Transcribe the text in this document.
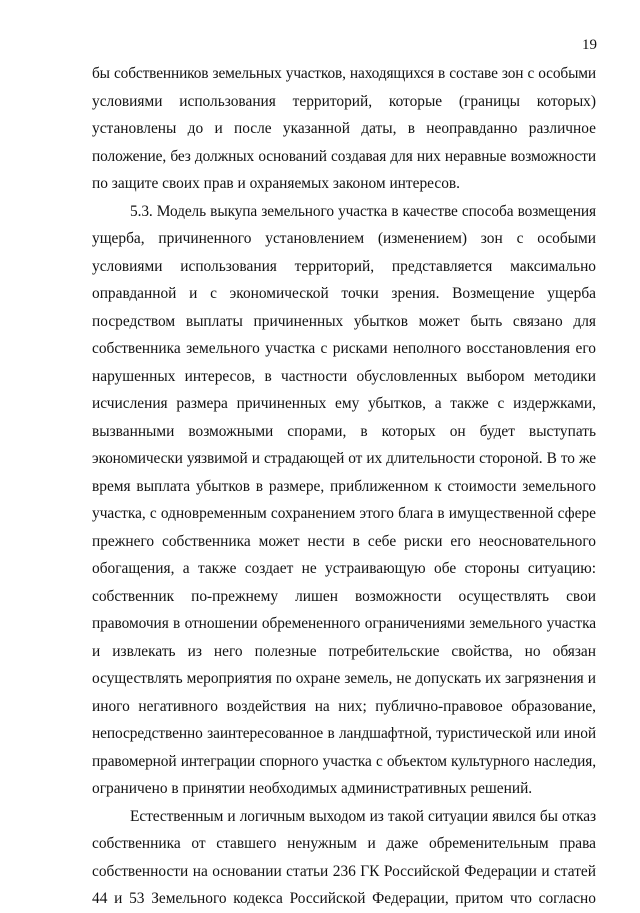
19
бы собственников земельных участков, находящихся в составе зон с особыми
условиями использования территорий, которые (границы которых)
установлены до и после указанной даты, в неоправданно различное
положение, без должных оснований создавая для них неравные возможности
по защите своих прав и охраняемых законом интересов.
5.3. Модель выкупа земельного участка в качестве способа возмещения
ущерба, причиненного установлением (изменением) зон с особыми
условиями использования территорий, представляется максимально
оправданной и с экономической точки зрения. Возмещение ущерба
посредством выплаты причиненных убытков может быть связано для
собственника земельного участка с рисками неполного восстановления его
нарушенных интересов, в частности обусловленных выбором методики
исчисления размера причиненных ему убытков, а также с издержками,
вызванными возможными спорами, в которых он будет выступать
экономически уязвимой и страдающей от их длительности стороной. В то же
время выплата убытков в размере, приближенном к стоимости земельного
участка, с одновременным сохранением этого блага в имущественной сфере
прежнего собственника может нести в себе риски его неосновательного
обогащения, а также создает не устраивающую обе стороны ситуацию:
собственник по-прежнему лишен возможности осуществлять свои
правомочия в отношении обремененного ограничениями земельного участка
и извлекать из него полезные потребительские свойства, но обязан
осуществлять мероприятия по охране земель, не допускать их загрязнения и
иного негативного воздействия на них; публично-правовое образование,
непосредственно заинтересованное в ландшафтной, туристической или иной
правомерной интеграции спорного участка с объектом культурного наследия,
ограничено в принятии необходимых административных решений.
Естественным и логичным выходом из такой ситуации явился бы отказ
собственника от ставшего ненужным и даже обременительным права
собственности на основании статьи 236 ГК Российской Федерации и статей
44 и 53 Земельного кодекса Российской Федерации, притом что согласно
